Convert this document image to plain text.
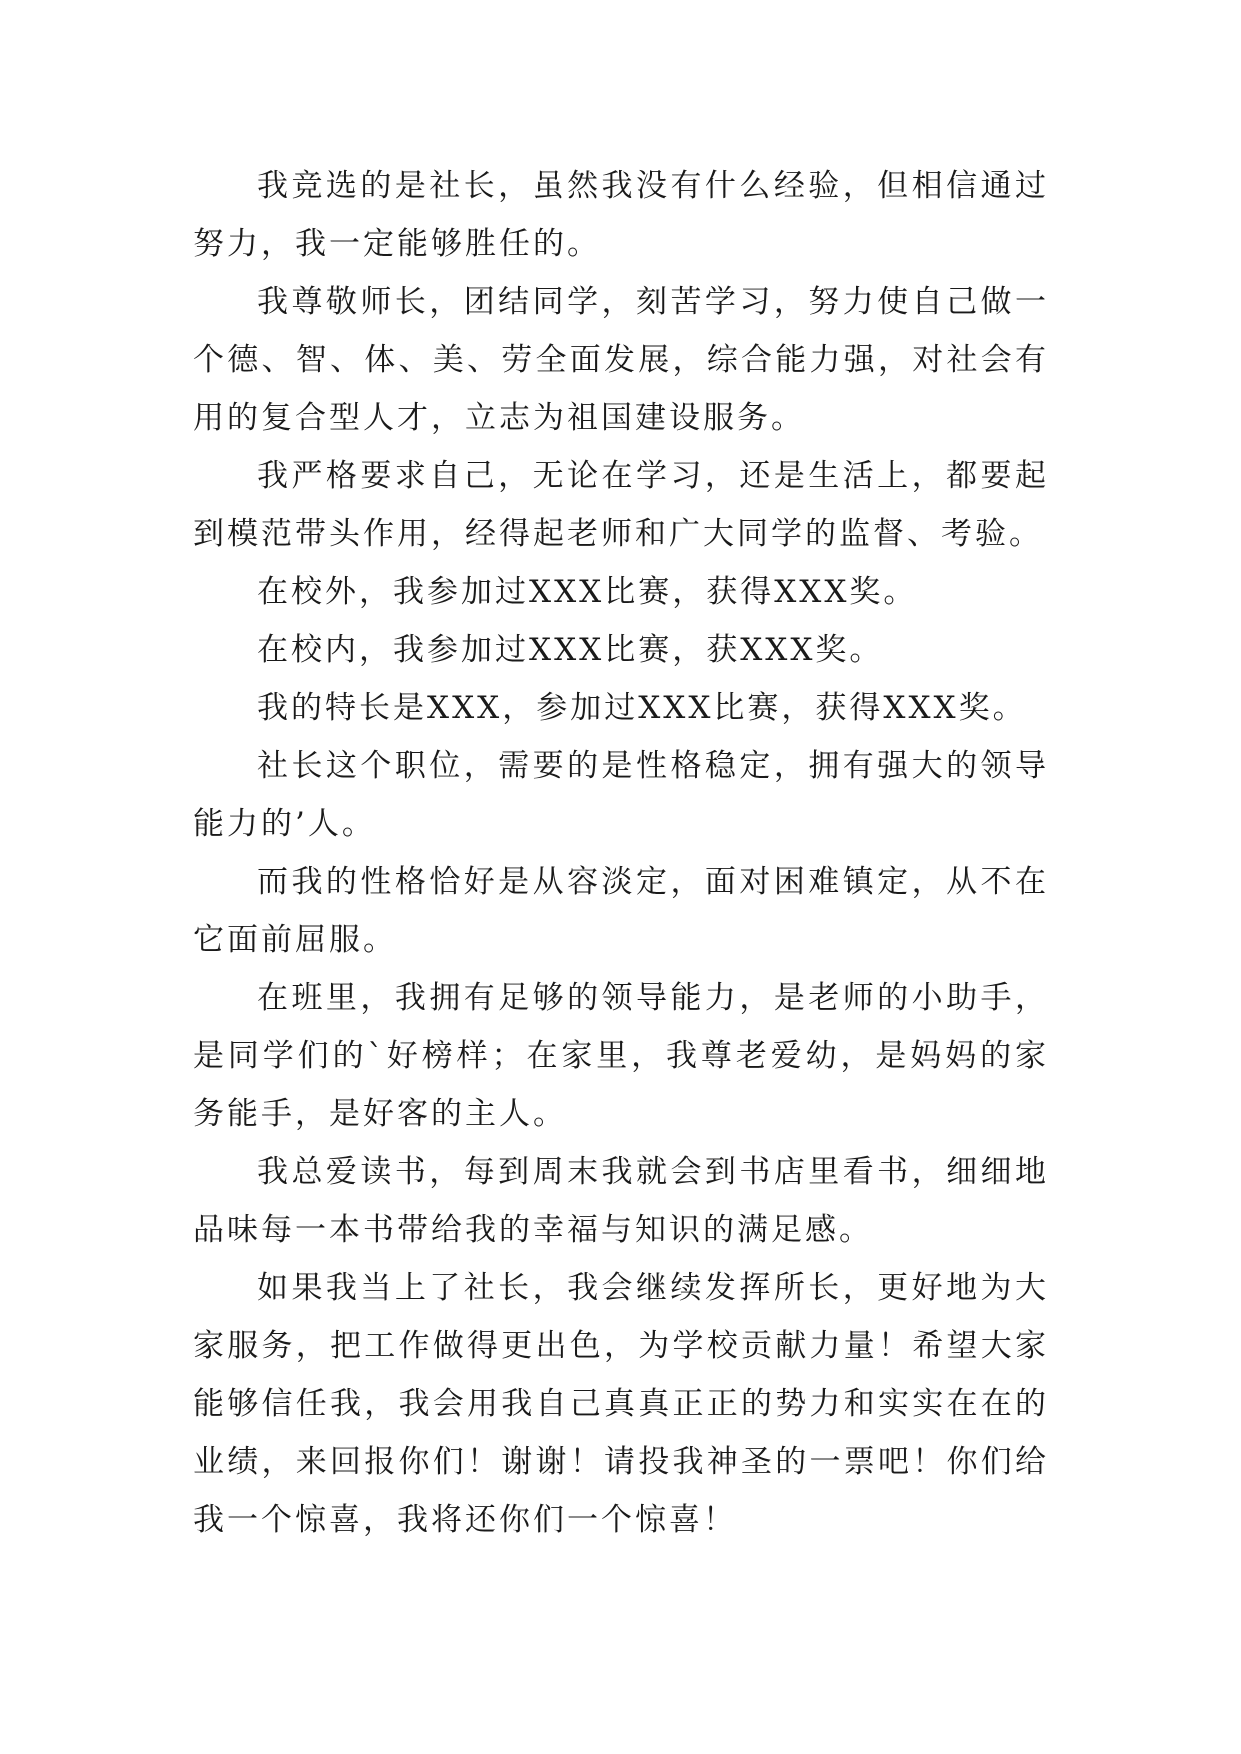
我竞选的是社长，虽然我没有什么经验，但相信通过努力，我一定能够胜任的。

我尊敬师长，团结同学，刻苦学习，努力使自己做一个德、智、体、美、劳全面发展，综合能力强，对社会有用的复合型人才，立志为祖国建设服务。

我严格要求自己，无论在学习，还是生活上，都要起到模范带头作用，经得起老师和广大同学的监督、考验。

在校外，我参加过XXX比赛，获得XXX奖。

在校内，我参加过XXX比赛，获XXX奖。

我的特长是XXX，参加过XXX比赛，获得XXX奖。

社长这个职位，需要的是性格稳定，拥有强大的领导能力的’人。

而我的性格恰好是从容淡定，面对困难镇定，从不在它面前屈服。

在班里，我拥有足够的领导能力，是老师的小助手，是同学们的`好榜样；在家里，我尊老爱幼，是妈妈的家务能手，是好客的主人。

我总爱读书，每到周末我就会到书店里看书，细细地品味每一本书带给我的幸福与知识的满足感。

如果我当上了社长，我会继续发挥所长，更好地为大家服务，把工作做得更出色，为学校贡献力量！希望大家能够信任我，我会用我自己真真正正的势力和实实在在的业绩，来回报你们！谢谢！请投我神圣的一票吧！你们给我一个惊喜，我将还你们一个惊喜！
